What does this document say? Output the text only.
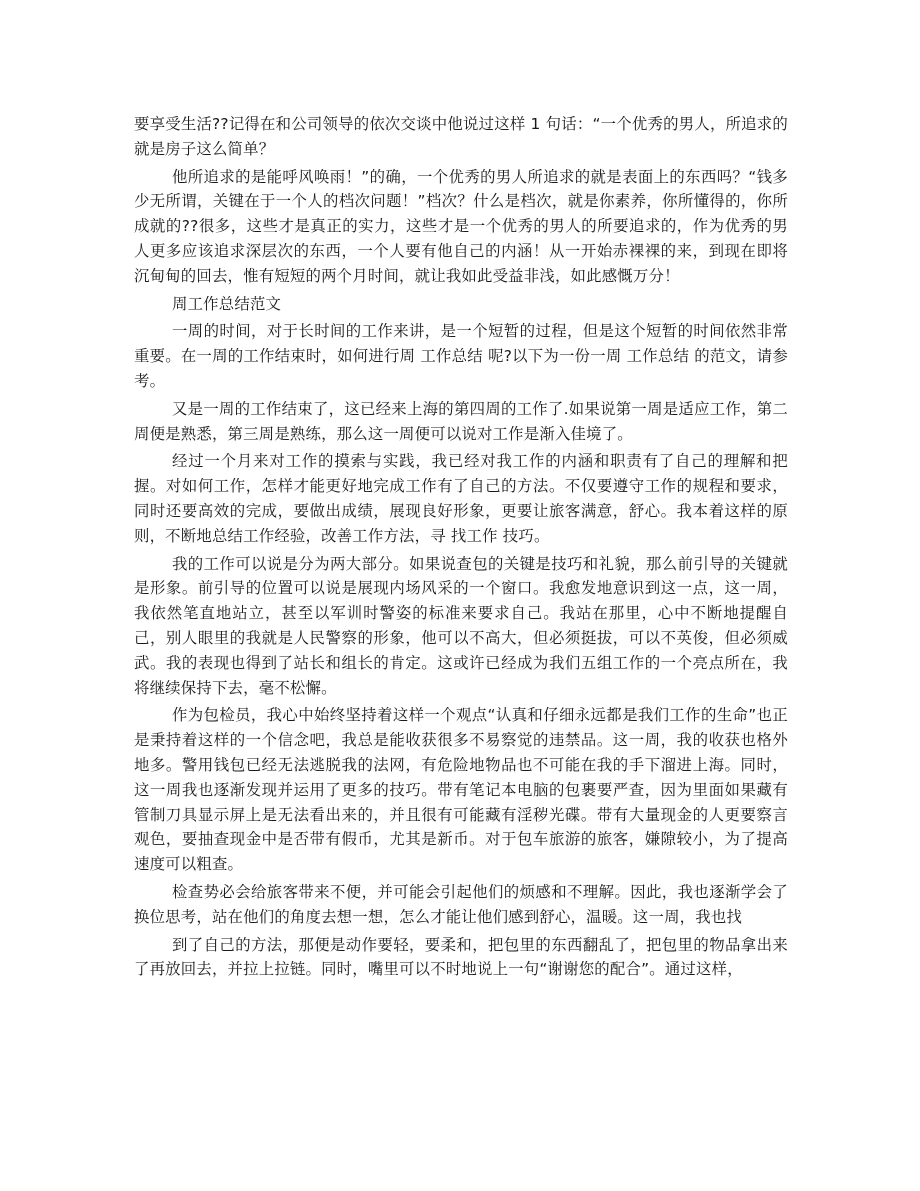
要享受生活??记得在和公司领导的依次交谈中他说过这样 1 句话：“一个优秀的男人，所追求的就是房子这么简单？

他所追求的是能呼风唤雨！”的确，一个优秀的男人所追求的就是表面上的东西吗？“钱多少无所谓，关键在于一个人的档次问题！”档次？什么是档次，就是你素养，你所懂得的，你所成就的??很多，这些才是真正的实力，这些才是一个优秀的男人的所要追求的，作为优秀的男人更多应该追求深层次的东西，一个人要有他自己的内涵！从一开始赤裸裸的来，到现在即将沉甸甸的回去，惟有短短的两个月时间，就让我如此受益非浅，如此感慨万分！

周工作总结范文

一周的时间，对于长时间的工作来讲，是一个短暂的过程，但是这个短暂的时间依然非常重要。在一周的工作结束时，如何进行周 工作总结 呢?以下为一份一周 工作总结 的范文，请参考。

又是一周的工作结束了，这已经来上海的第四周的工作了.如果说第一周是适应工作，第二周便是熟悉，第三周是熟练，那么这一周便可以说对工作是渐入佳境了。

经过一个月来对工作的摸索与实践，我已经对我工作的内涵和职责有了自己的理解和把握。对如何工作，怎样才能更好地完成工作有了自己的方法。不仅要遵守工作的规程和要求，同时还要高效的完成，要做出成绩，展现良好形象，更要让旅客满意，舒心。我本着这样的原则，不断地总结工作经验，改善工作方法，寻 找工作 技巧。

我的工作可以说是分为两大部分。如果说查包的关键是技巧和礼貌，那么前引导的关键就是形象。前引导的位置可以说是展现内场风采的一个窗口。我愈发地意识到这一点，这一周，我依然笔直地站立，甚至以军训时警姿的标准来要求自己。我站在那里，心中不断地提醒自己，别人眼里的我就是人民警察的形象，他可以不高大，但必须挺拔，可以不英俊，但必须威武。我的表现也得到了站长和组长的肯定。这或许已经成为我们五组工作的一个亮点所在，我将继续保持下去，毫不松懈。

作为包检员，我心中始终坚持着这样一个观点“认真和仔细永远都是我们工作的生命”也正是秉持着这样的一个信念吧，我总是能收获很多不易察觉的违禁品。这一周，我的收获也格外地多。警用钱包已经无法逃脱我的法网，有危险地物品也不可能在我的手下溜进上海。同时，这一周我也逐渐发现并运用了更多的技巧。带有笔记本电脑的包裹要严查，因为里面如果藏有管制刀具显示屏上是无法看出来的，并且很有可能藏有淫秽光碟。带有大量现金的人更要察言观色，要抽查现金中是否带有假币，尤其是新币。对于包车旅游的旅客，嫌隙较小，为了提高速度可以粗查。

检查势必会给旅客带来不便，并可能会引起他们的烦感和不理解。因此，我也逐渐学会了换位思考，站在他们的角度去想一想，怎么才能让他们感到舒心，温暖。这一周，我也找

到了自己的方法，那便是动作要轻，要柔和，把包里的东西翻乱了，把包里的物品拿出来了再放回去，并拉上拉链。同时，嘴里可以不时地说上一句“谢谢您的配合”。通过这样，
